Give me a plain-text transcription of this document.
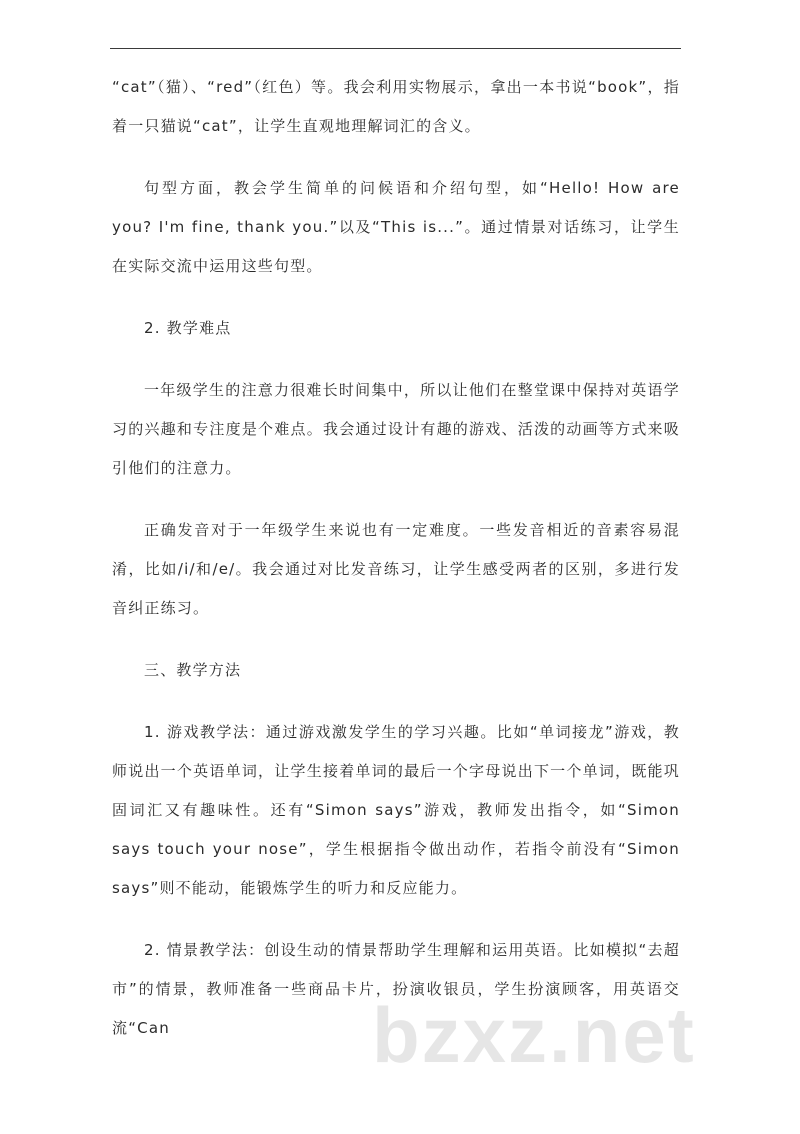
“cat”（猫）、“red”（红色）等。我会利用实物展示，拿出一本书说“book”，指着一只猫说“cat”，让学生直观地理解词汇的含义。

句型方面，教会学生简单的问候语和介绍句型，如“Hello! How are you? I'm fine, thank you.”以及“This is...”。通过情景对话练习，让学生在实际交流中运用这些句型。

2. 教学难点

一年级学生的注意力很难长时间集中，所以让他们在整堂课中保持对英语学习的兴趣和专注度是个难点。我会通过设计有趣的游戏、活泼的动画等方式来吸引他们的注意力。

正确发音对于一年级学生来说也有一定难度。一些发音相近的音素容易混淆，比如/i/和/e/。我会通过对比发音练习，让学生感受两者的区别，多进行发音纠正练习。

三、教学方法

1. 游戏教学法：通过游戏激发学生的学习兴趣。比如“单词接龙”游戏，教师说出一个英语单词，让学生接着单词的最后一个字母说出下一个单词，既能巩固词汇又有趣味性。还有“Simon says”游戏，教师发出指令，如“Simon says touch your nose”，学生根据指令做出动作，若指令前没有“Simon says”则不能动，能锻炼学生的听力和反应能力。

2. 情景教学法：创设生动的情景帮助学生理解和运用英语。比如模拟“去超市”的情景，教师准备一些商品卡片，扮演收银员，学生扮演顾客，用英语交流“Can	bzxz.net
